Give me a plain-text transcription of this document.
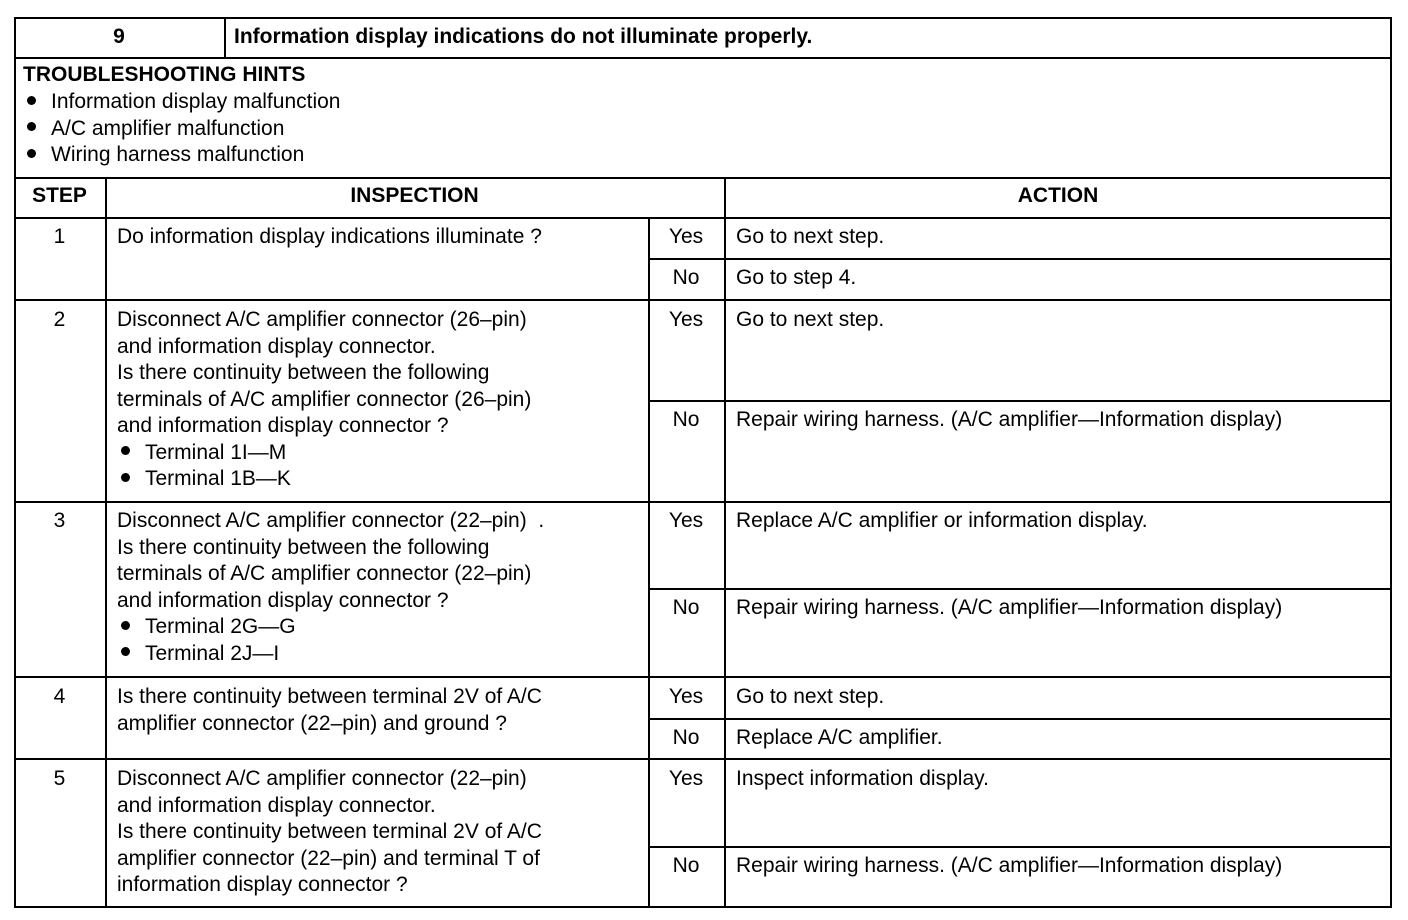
9	Information display indications do not illuminate properly.
TROUBLESHOOTING HINTS
Information display malfunction
A/C amplifier malfunction
Wiring harness malfunction
STEP	INSPECTION	ACTION
1	Do information display indications illuminate ?	Yes	Go to next step.
No	Go to step 4.
2	Disconnect A/C amplifier connector (26–pin)
and information display connector.
Is there continuity between the following
terminals of A/C amplifier connector (26–pin)
and information display connector ?
Terminal 1I—M
Terminal 1B—K
Yes	Go to next step.
No	Repair wiring harness. (A/C amplifier—Information display)
3	Disconnect A/C amplifier connector (22–pin)  .
Is there continuity between the following
terminals of A/C amplifier connector (22–pin)
and information display connector ?
Terminal 2G—G
Terminal 2J—I
Yes	Replace A/C amplifier or information display.
No	Repair wiring harness. (A/C amplifier—Information display)
4	Is there continuity between terminal 2V of A/C
amplifier connector (22–pin) and ground ?
Yes	Go to next step.
No	Replace A/C amplifier.
5	Disconnect A/C amplifier connector (22–pin)
and information display connector.
Is there continuity between terminal 2V of A/C
amplifier connector (22–pin) and terminal T of
information display connector ?
Yes	Inspect information display.
No	Repair wiring harness. (A/C amplifier—Information display)
